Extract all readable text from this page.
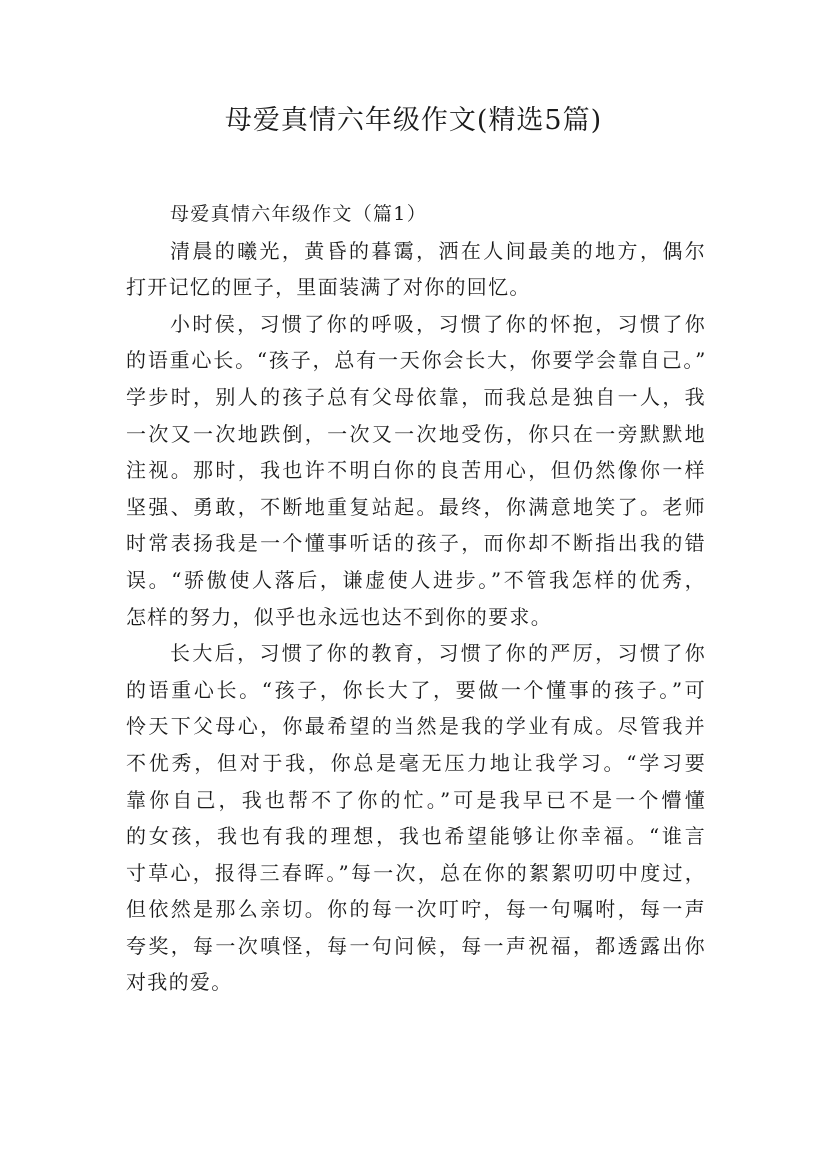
母爱真情六年级作文(精选5篇)
母爱真情六年级作文（篇1）
清晨的曦光，黄昏的暮霭，洒在人间最美的地方，偶尔
打开记忆的匣子，里面装满了对你的回忆。
小时侯，习惯了你的呼吸，习惯了你的怀抱，习惯了你
的语重心长。“孩子，总有一天你会长大，你要学会靠自己。”
学步时，别人的孩子总有父母依靠，而我总是独自一人，我
一次又一次地跌倒，一次又一次地受伤，你只在一旁默默地
注视。那时，我也许不明白你的良苦用心，但仍然像你一样
坚强、勇敢，不断地重复站起。最终，你满意地笑了。老师
时常表扬我是一个懂事听话的孩子，而你却不断指出我的错
误。“骄傲使人落后，谦虚使人进步。”不管我怎样的优秀，
怎样的努力，似乎也永远也达不到你的要求。
长大后，习惯了你的教育，习惯了你的严厉，习惯了你
的语重心长。“孩子，你长大了，要做一个懂事的孩子。”可
怜天下父母心，你最希望的当然是我的学业有成。尽管我并
不优秀，但对于我，你总是毫无压力地让我学习。“学习要
靠你自己，我也帮不了你的忙。”可是我早已不是一个懵懂
的女孩，我也有我的理想，我也希望能够让你幸福。“谁言
寸草心，报得三春晖。”每一次，总在你的絮絮叨叨中度过，
但依然是那么亲切。你的每一次叮咛，每一句嘱咐，每一声
夸奖，每一次嗔怪，每一句问候，每一声祝福，都透露出你
对我的爱。
